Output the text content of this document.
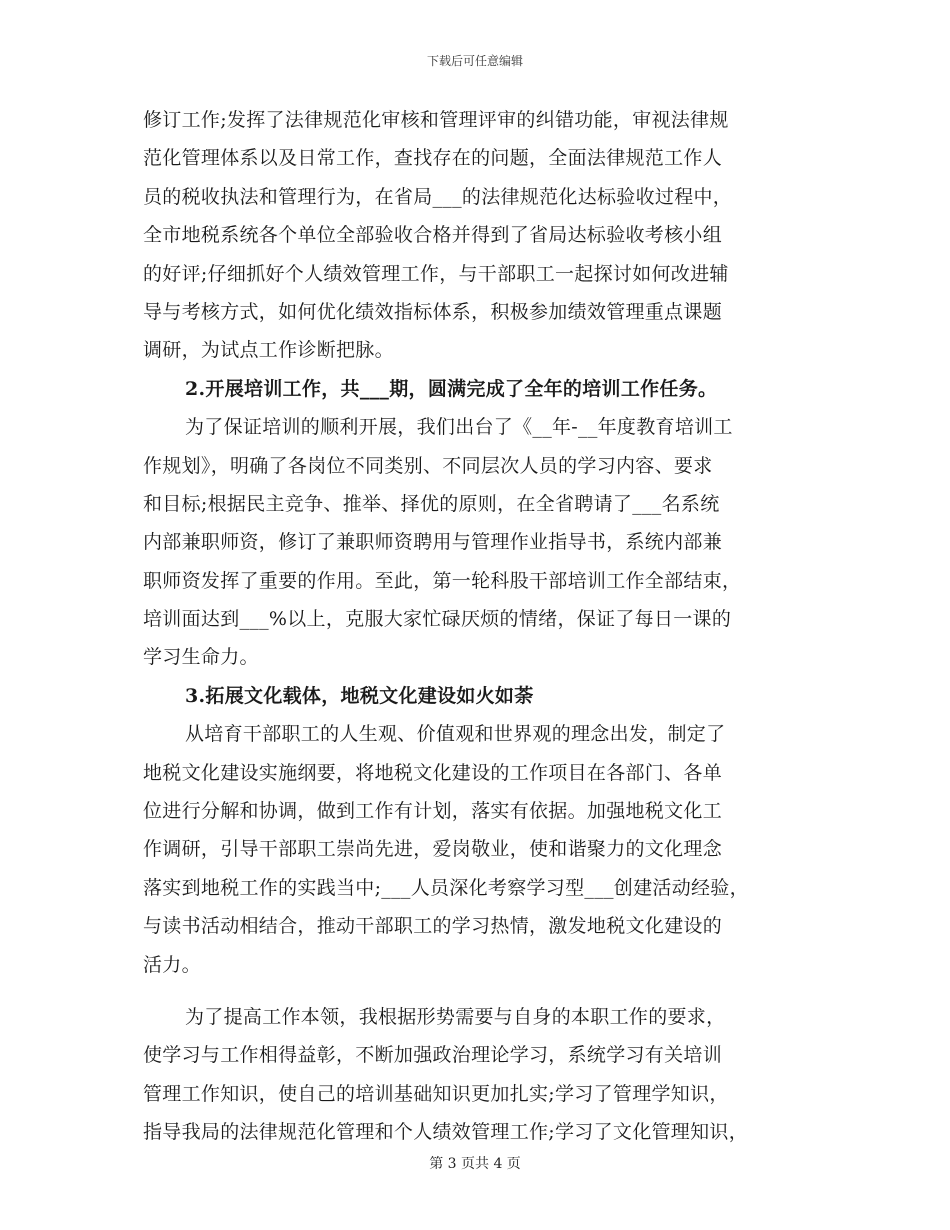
下载后可任意编辑
修订工作;发挥了法律规范化审核和管理评审的纠错功能，审视法律规
范化管理体系以及日常工作，查找存在的问题，全面法律规范工作人
员的税收执法和管理行为，在省局___的法律规范化达标验收过程中，
全市地税系统各个单位全部验收合格并得到了省局达标验收考核小组
的好评;仔细抓好个人绩效管理工作，与干部职工一起探讨如何改进辅
导与考核方式，如何优化绩效指标体系，积极参加绩效管理重点课题
调研，为试点工作诊断把脉。
2.开展培训工作，共___期，圆满完成了全年的培训工作任务。
为了保证培训的顺利开展，我们出台了《__年-__年度教育培训工
作规划》，明确了各岗位不同类别、不同层次人员的学习内容、要求
和目标;根据民主竞争、推举、择优的原则，在全省聘请了___名系统
内部兼职师资，修订了兼职师资聘用与管理作业指导书，系统内部兼
职师资发挥了重要的作用。至此，第一轮科股干部培训工作全部结束，
培训面达到___%以上，克服大家忙碌厌烦的情绪，保证了每日一课的
学习生命力。
3.拓展文化载体，地税文化建设如火如荼
从培育干部职工的人生观、价值观和世界观的理念出发，制定了
地税文化建设实施纲要，将地税文化建设的工作项目在各部门、各单
位进行分解和协调，做到工作有计划，落实有依据。加强地税文化工
作调研，引导干部职工崇尚先进，爱岗敬业，使和谐聚力的文化理念
落实到地税工作的实践当中;___人员深化考察学习型___创建活动经验，
与读书活动相结合，推动干部职工的学习热情，激发地税文化建设的
活力。
为了提高工作本领，我根据形势需要与自身的本职工作的要求，
使学习与工作相得益彰，不断加强政治理论学习，系统学习有关培训
管理工作知识，使自己的培训基础知识更加扎实;学习了管理学知识，
指导我局的法律规范化管理和个人绩效管理工作;学习了文化管理知识，
第 3 页共 4 页
